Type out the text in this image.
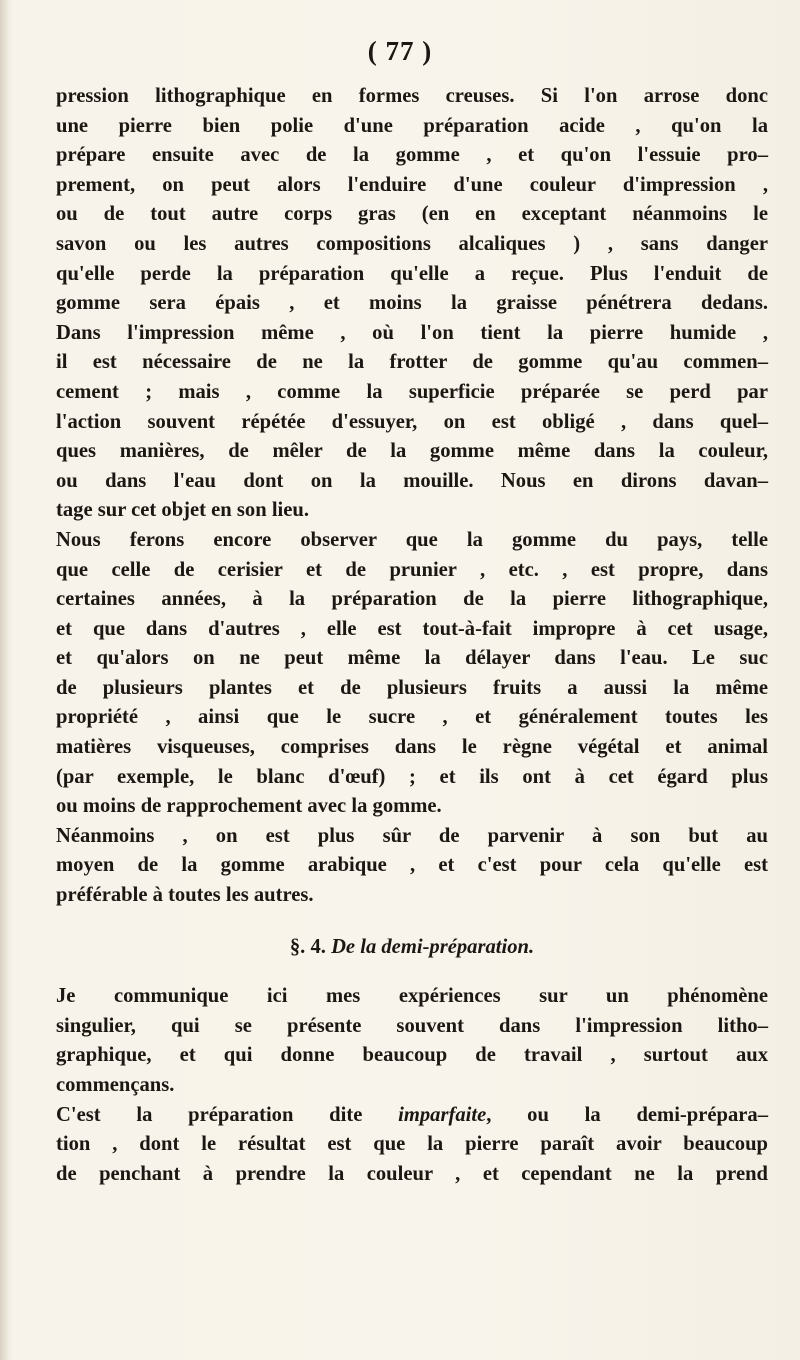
( 77 )
pression lithographique en formes creuses. Si l'on arrose donc
une pierre bien polie d'une préparation acide , qu'on la
prépare ensuite avec de la gomme , et qu'on l'essuie pro–
prement, on peut alors l'enduire d'une couleur d'impression ,
ou de tout autre corps gras (en en exceptant néanmoins le
savon ou les autres compositions alcaliques ) , sans danger
qu'elle perde la préparation qu'elle a reçue. Plus l'enduit de
gomme sera épais , et moins la graisse pénétrera dedans.
Dans l'impression même , où l'on tient la pierre humide ,
il est nécessaire de ne la frotter de gomme qu'au commen–
cement ; mais , comme la superficie préparée se perd par
l'action souvent répétée d'essuyer, on est obligé , dans quel–
ques manières, de mêler de la gomme même dans la couleur,
ou dans l'eau dont on la mouille. Nous en dirons davan–
tage sur cet objet en son lieu.
Nous ferons encore observer que la gomme du pays, telle
que celle de cerisier et de prunier , etc. , est propre, dans
certaines années, à la préparation de la pierre lithographique,
et que dans d'autres , elle est tout-à-fait impropre à cet usage,
et qu'alors on ne peut même la délayer dans l'eau. Le suc
de plusieurs plantes et de plusieurs fruits a aussi la même
propriété , ainsi que le sucre , et généralement toutes les
matières visqueuses, comprises dans le règne végétal et animal
(par exemple, le blanc d'œuf) ; et ils ont à cet égard plus
ou moins de rapprochement avec la gomme.
Néanmoins , on est plus sûr de parvenir à son but au
moyen de la gomme arabique , et c'est pour cela qu'elle est
préférable à toutes les autres.
§. 4. De la demi-préparation.
Je communique ici mes expériences sur un phénomène
singulier, qui se présente souvent dans l'impression litho–
graphique, et qui donne beaucoup de travail , surtout aux
commençans.
C'est la préparation dite imparfaite, ou la demi-prépara–
tion , dont le résultat est que la pierre paraît avoir beaucoup
de penchant à prendre la couleur , et cependant ne la prend
